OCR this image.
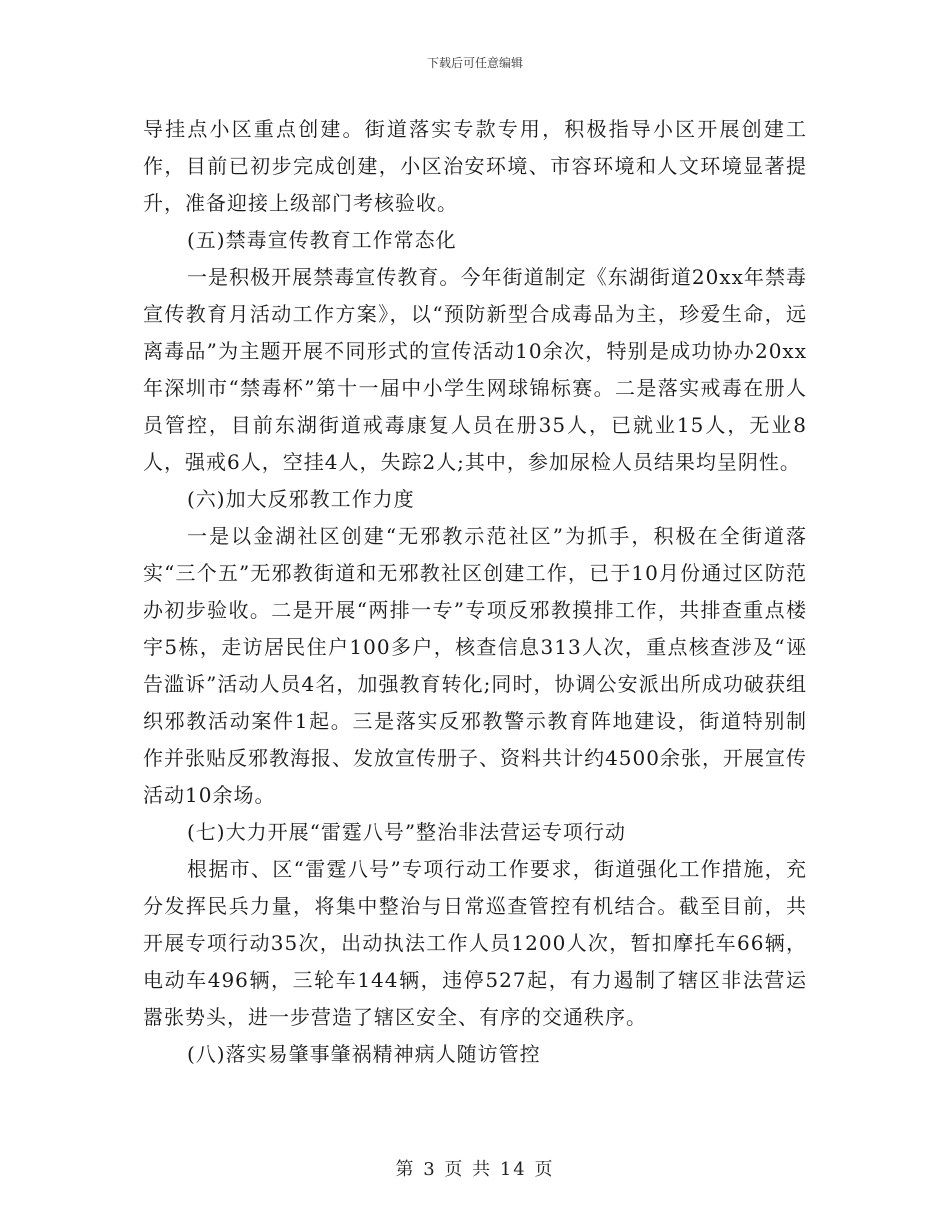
下载后可任意编辑

导挂点小区重点创建。街道落实专款专用，积极指导小区开展创建工作，目前已初步完成创建，小区治安环境、市容环境和人文环境显著提升，准备迎接上级部门考核验收。

(五)禁毒宣传教育工作常态化

一是积极开展禁毒宣传教育。今年街道制定《东湖街道20xx年禁毒宣传教育月活动工作方案》，以“预防新型合成毒品为主，珍爱生命，远离毒品”为主题开展不同形式的宣传活动10余次，特别是成功协办20xx年深圳市“禁毒杯”第十一届中小学生网球锦标赛。二是落实戒毒在册人员管控，目前东湖街道戒毒康复人员在册35人，已就业15人，无业8人，强戒6人，空挂4人，失踪2人;其中，参加尿检人员结果均呈阴性。

(六)加大反邪教工作力度

一是以金湖社区创建“无邪教示范社区”为抓手，积极在全街道落实“三个五”无邪教街道和无邪教社区创建工作，已于10月份通过区防范办初步验收。二是开展“两排一专”专项反邪教摸排工作，共排查重点楼宇5栋，走访居民住户100多户，核查信息313人次，重点核查涉及“诬告滥诉”活动人员4名，加强教育转化;同时，协调公安派出所成功破获组织邪教活动案件1起。三是落实反邪教警示教育阵地建设，街道特别制作并张贴反邪教海报、发放宣传册子、资料共计约4500余张，开展宣传活动10余场。

(七)大力开展“雷霆八号”整治非法营运专项行动

根据市、区“雷霆八号”专项行动工作要求，街道强化工作措施，充分发挥民兵力量，将集中整治与日常巡查管控有机结合。截至目前，共开展专项行动35次，出动执法工作人员1200人次，暂扣摩托车66辆，电动车496辆，三轮车144辆，违停527起，有力遏制了辖区非法营运嚣张势头，进一步营造了辖区安全、有序的交通秩序。

(八)落实易肇事肇祸精神病人随访管控

第 3 页 共 14 页
